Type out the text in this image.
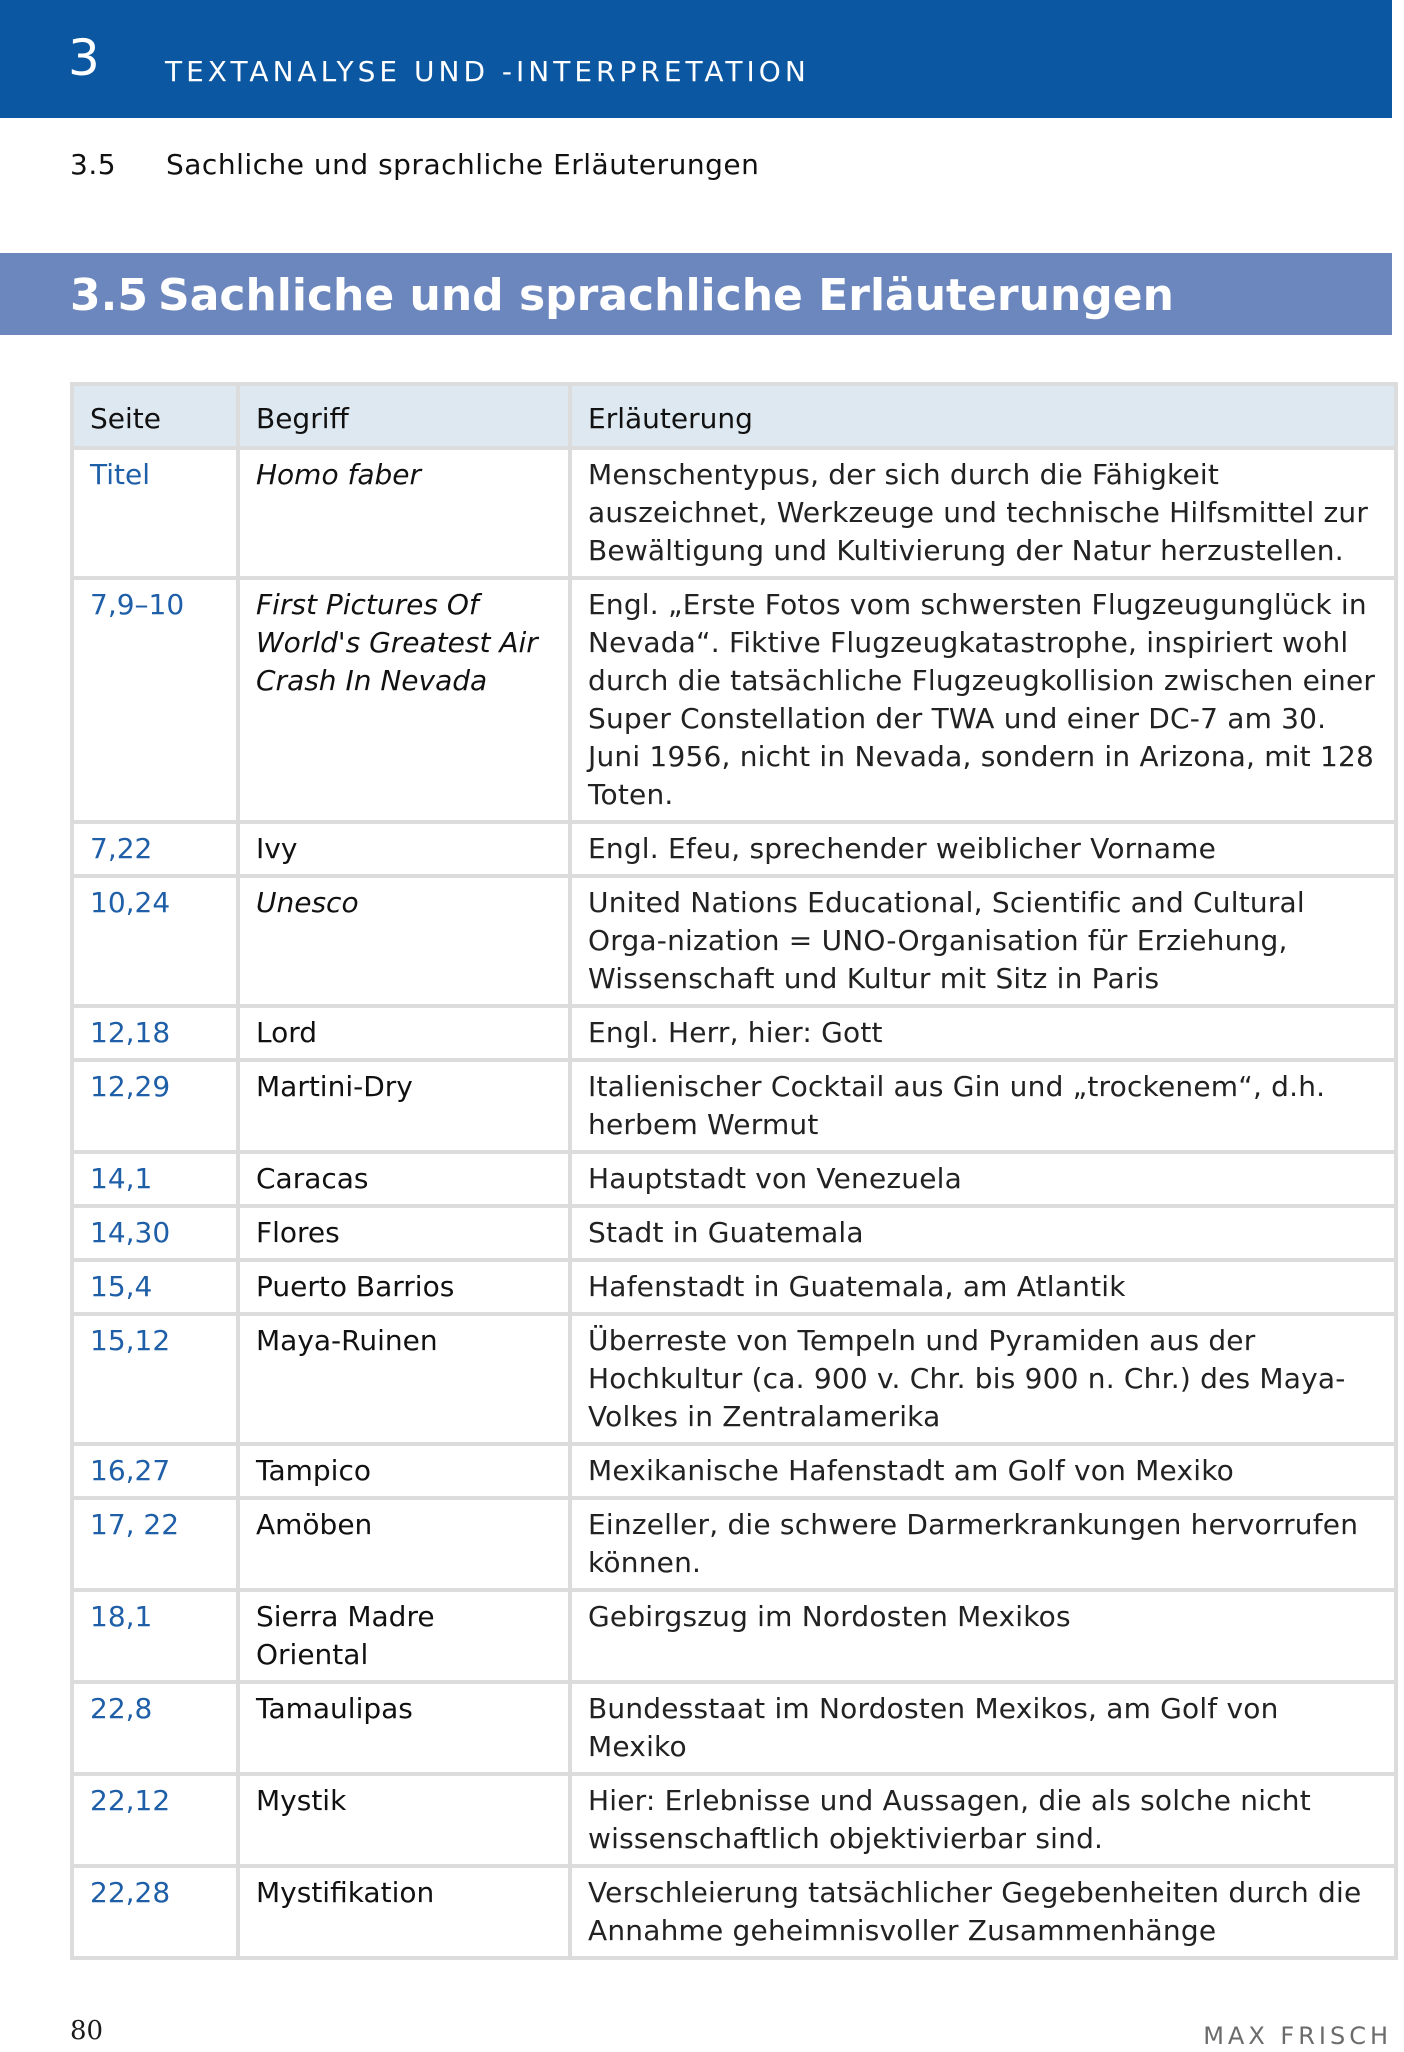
3 TEXTANALYSE UND -INTERPRETATION
3.5 Sachliche und sprachliche Erläuterungen
3.5 Sachliche und sprachliche Erläuterungen
Seite	Begriff	Erläuterung
Titel	Homo faber	Menschentypus, der sich durch die Fähigkeit auszeichnet, Werkzeuge und technische Hilfsmittel zur Bewältigung und Kultivierung der Natur herzustellen.
7,9–10	First Pictures Of World's Greatest Air Crash In Nevada	Engl. „Erste Fotos vom schwersten Flugzeugunglück in Nevada“. Fiktive Flugzeugkatastrophe, inspiriert wohl durch die tatsächliche Flugzeugkollision zwischen einer Super Constellation der TWA und einer DC-7 am 30. Juni 1956, nicht in Nevada, sondern in Arizona, mit 128 Toten.
7,22	Ivy	Engl. Efeu, sprechender weiblicher Vorname
10,24	Unesco	United Nations Educational, Scientific and Cultural Orga-nization = UNO-Organisation für Erziehung, Wissenschaft und Kultur mit Sitz in Paris
12,18	Lord	Engl. Herr, hier: Gott
12,29	Martini-Dry	Italienischer Cocktail aus Gin und „trockenem“, d.h. herbem Wermut
14,1	Caracas	Hauptstadt von Venezuela
14,30	Flores	Stadt in Guatemala
15,4	Puerto Barrios	Hafenstadt in Guatemala, am Atlantik
15,12	Maya-Ruinen	Überreste von Tempeln und Pyramiden aus der Hochkultur (ca. 900 v. Chr. bis 900 n. Chr.) des Maya-Volkes in Zentralamerika
16,27	Tampico	Mexikanische Hafenstadt am Golf von Mexiko
17, 22	Amöben	Einzeller, die schwere Darmerkrankungen hervorrufen können.
18,1	Sierra Madre Oriental	Gebirgszug im Nordosten Mexikos
22,8	Tamaulipas	Bundesstaat im Nordosten Mexikos, am Golf von Mexiko
22,12	Mystik	Hier: Erlebnisse und Aussagen, die als solche nicht wissenschaftlich objektivierbar sind.
22,28	Mystifikation	Verschleierung tatsächlicher Gegebenheiten durch die Annahme geheimnisvoller Zusammenhänge
80	MAX FRISCH
